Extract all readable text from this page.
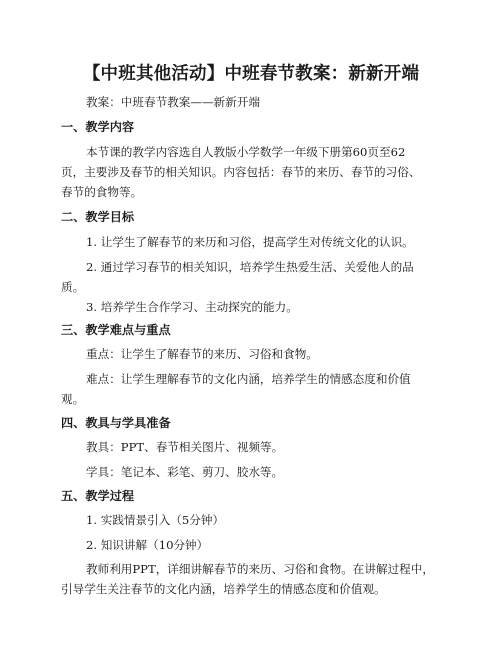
【中班其他活动】中班春节教案：新新开端
教案：中班春节教案——新新开端
一、教学内容
本节课的教学内容选自人教版小学数学一年级下册第60页至62
页，主要涉及春节的相关知识。内容包括：春节的来历、春节的习俗、
春节的食物等。
二、教学目标
1. 让学生了解春节的来历和习俗，提高学生对传统文化的认识。
2. 通过学习春节的相关知识，培养学生热爱生活、关爱他人的品
质。
3. 培养学生合作学习、主动探究的能力。
三、教学难点与重点
重点：让学生了解春节的来历、习俗和食物。
难点：让学生理解春节的文化内涵，培养学生的情感态度和价值
观。
四、教具与学具准备
教具：PPT、春节相关图片、视频等。
学具：笔记本、彩笔、剪刀、胶水等。
五、教学过程
1. 实践情景引入（5分钟）
2. 知识讲解（10分钟）
教师利用PPT，详细讲解春节的来历、习俗和食物。在讲解过程中，
引导学生关注春节的文化内涵，培养学生的情感态度和价值观。
